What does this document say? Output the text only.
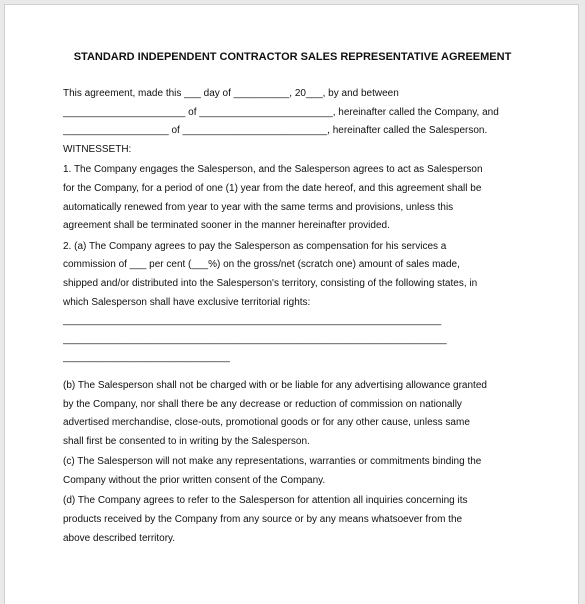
STANDARD INDEPENDENT CONTRACTOR SALES REPRESENTATIVE AGREEMENT
This agreement, made this ___ day of __________, 20___, by and between
______________________ of ________________________, hereinafter called the Company, and
___________________ of __________________________, hereinafter called the Salesperson.
WITNESSETH:
1. The Company engages the Salesperson, and the Salesperson agrees to act as Salesperson
for the Company, for a period of one (1) year from the date hereof, and this agreement shall be
automatically renewed from year to year with the same terms and provisions, unless this
agreement shall be terminated sooner in the manner hereinafter provided.
2. (a) The Company agrees to pay the Salesperson as compensation for his services a
commission of ___ per cent (___%) on the gross/net (scratch one) amount of sales made,
shipped and/or distributed into the Salesperson's territory, consisting of the following states, in
which Salesperson shall have exclusive territorial rights:
____________________________________________________________________
_____________________________________________________________________
______________________________
(b) The Salesperson shall not be charged with or be liable for any advertising allowance granted
by the Company, nor shall there be any decrease or reduction of commission on nationally
advertised merchandise, close-outs, promotional goods or for any other cause, unless same
shall first be consented to in writing by the Salesperson.
(c) The Salesperson will not make any representations, warranties or commitments binding the
Company without the prior written consent of the Company.
(d) The Company agrees to refer to the Salesperson for attention all inquiries concerning its
products received by the Company from any source or by any means whatsoever from the
above described territory.
